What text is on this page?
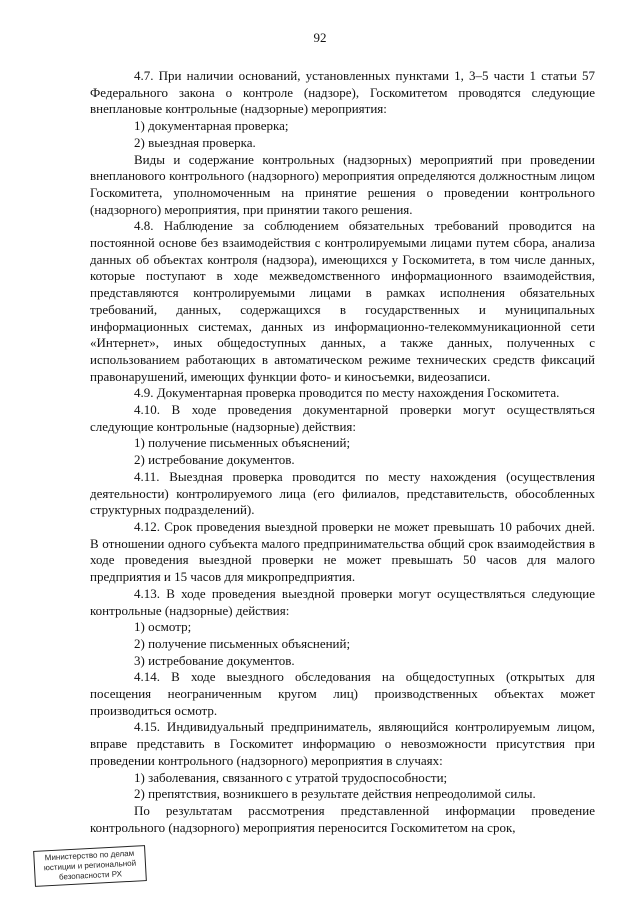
92

4.7. При наличии оснований, установленных пунктами 1, 3–5 части 1 статьи 57 Федерального закона о контроле (надзоре), Госкомитетом проводятся следующие внеплановые контрольные (надзорные) мероприятия:

1) документарная проверка;

2) выездная проверка.

Виды и содержание контрольных (надзорных) мероприятий при проведении внепланового контрольного (надзорного) мероприятия определяются должностным лицом Госкомитета, уполномоченным на принятие решения о проведении контрольного (надзорного) мероприятия, при принятии такого решения.

4.8. Наблюдение за соблюдением обязательных требований проводится на постоянной основе без взаимодействия с контролируемыми лицами путем сбора, анализа данных об объектах контроля (надзора), имеющихся у Госкомитета, в том числе данных, которые поступают в ходе межведомственного информационного взаимодействия, представляются контролируемыми лицами в рамках исполнения обязательных требований, данных, содержащихся в государственных и муниципальных информационных системах, данных из информационно-телекоммуникационной сети «Интернет», иных общедоступных данных, а также данных, полученных с использованием работающих в автоматическом режиме технических средств фиксаций правонарушений, имеющих функции фото- и киносъемки, видеозаписи.

4.9. Документарная проверка проводится по месту нахождения Госкомитета.

4.10. В ходе проведения документарной проверки могут осуществляться следующие контрольные (надзорные) действия:

1) получение письменных объяснений;

2) истребование документов.

4.11. Выездная проверка проводится по месту нахождения (осуществления деятельности) контролируемого лица (его филиалов, представительств, обособленных структурных подразделений).

4.12. Срок проведения выездной проверки не может превышать 10 рабочих дней. В отношении одного субъекта малого предпринимательства общий срок взаимодействия в ходе проведения выездной проверки не может превышать 50 часов для малого предприятия и 15 часов для микропредприятия.

4.13. В ходе проведения выездной проверки могут осуществляться следующие контрольные (надзорные) действия:

1) осмотр;

2) получение письменных объяснений;

3) истребование документов.

4.14. В ходе выездного обследования на общедоступных (открытых для посещения неограниченным кругом лиц) производственных объектах может производиться осмотр.

4.15. Индивидуальный предприниматель, являющийся контролируемым лицом, вправе представить в Госкомитет информацию о невозможности присутствия при проведении контрольного (надзорного) мероприятия в случаях:

1) заболевания, связанного с утратой трудоспособности;

2) препятствия, возникшего в результате действия непреодолимой силы.

По результатам рассмотрения представленной информации проведение контрольного (надзорного) мероприятия переносится Госкомитетом на срок,

Министерство по делам
юстиции и региональной
безопасности РХ
